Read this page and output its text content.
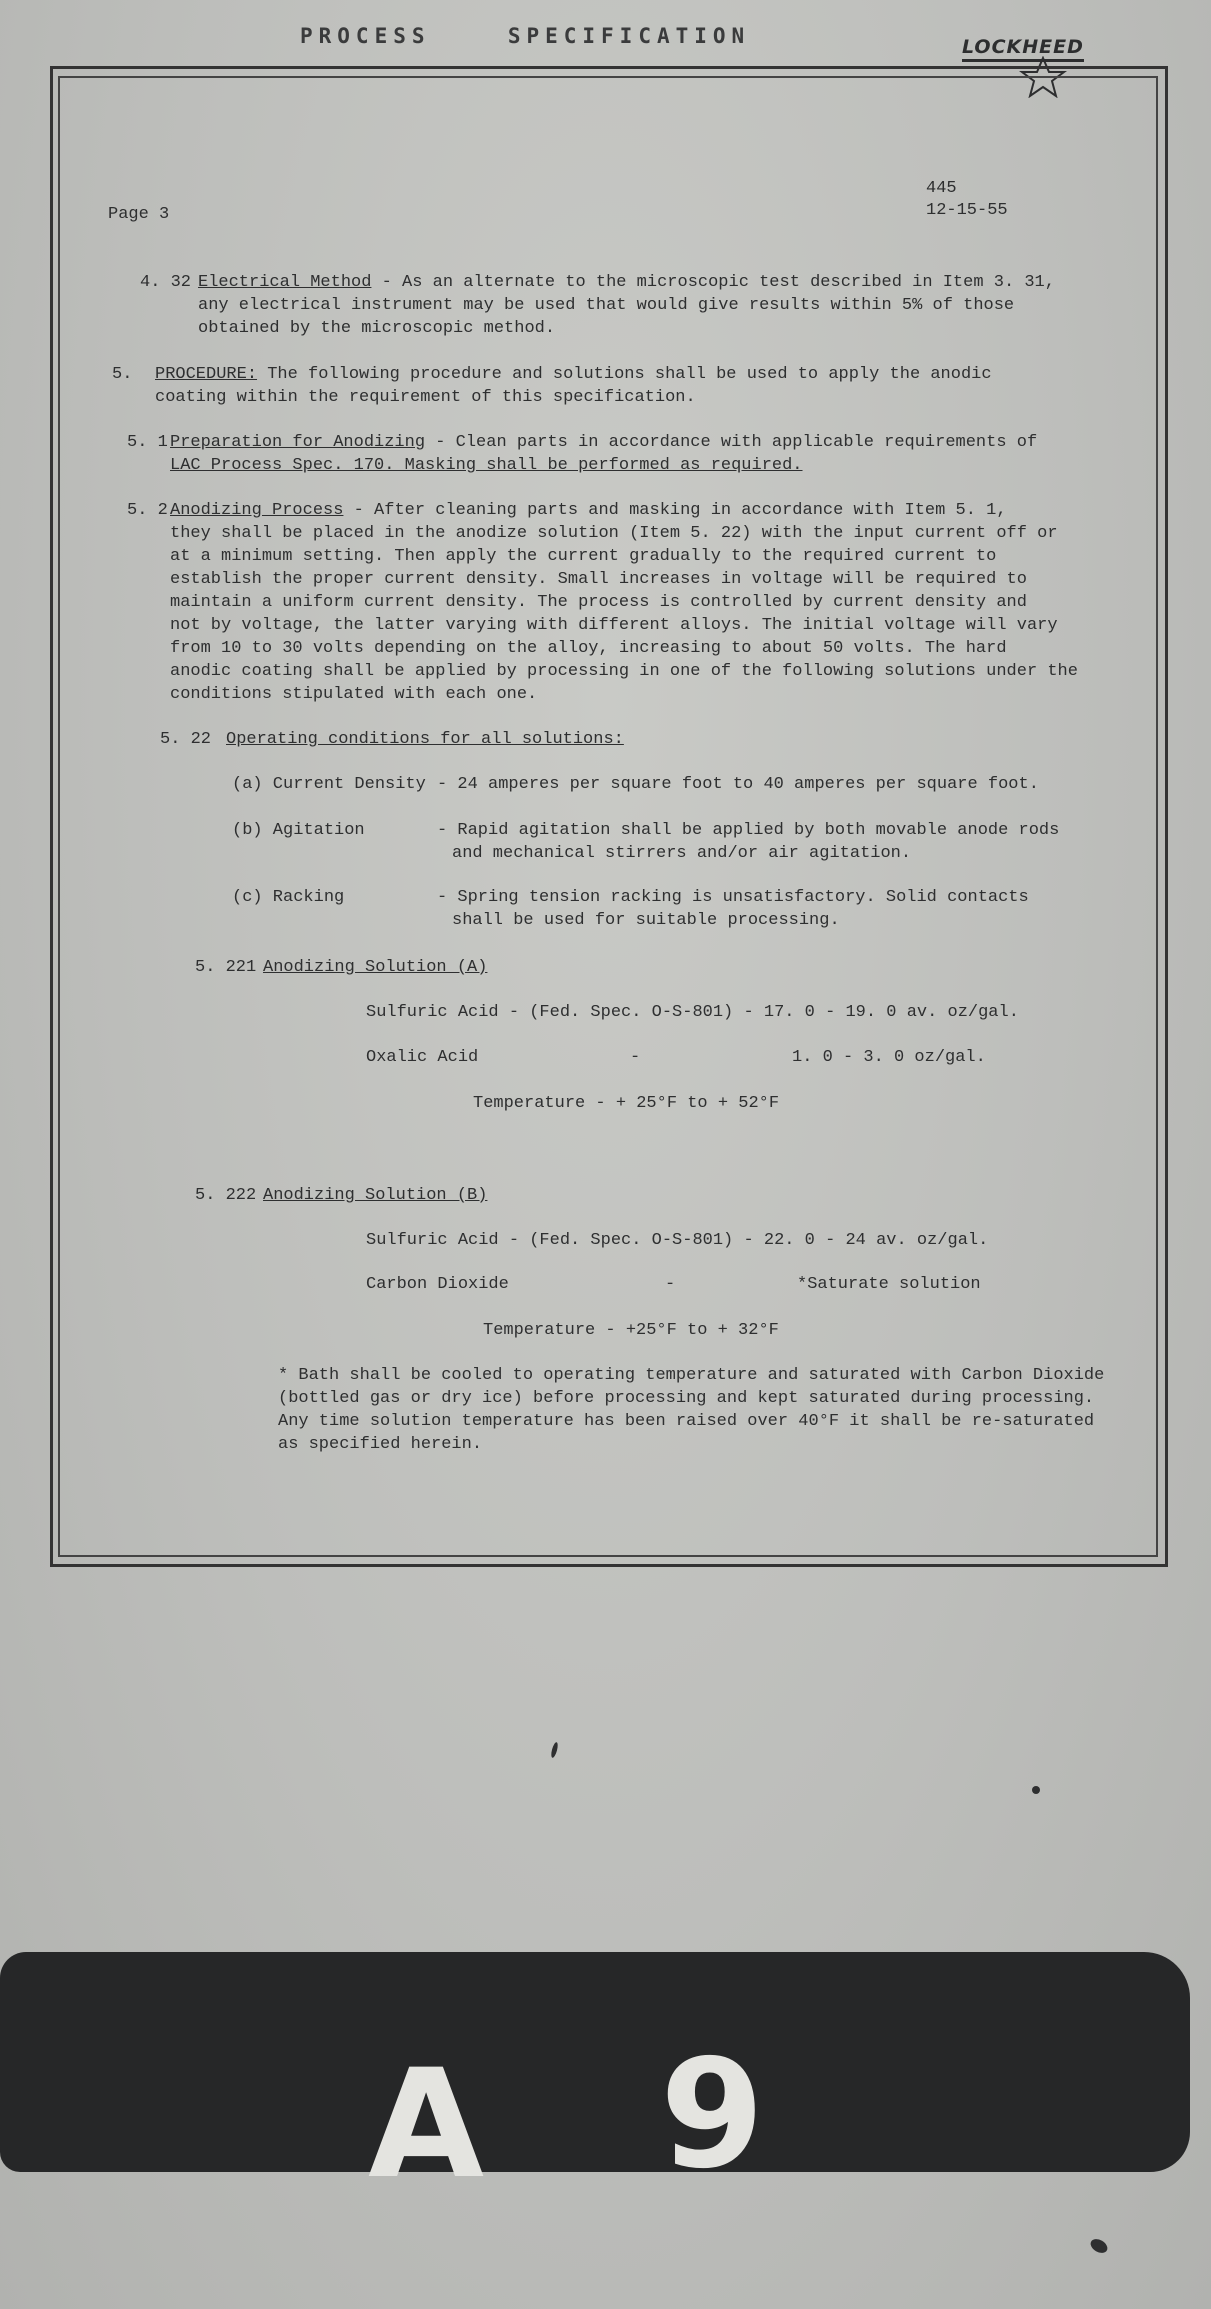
PROCESS	SPECIFICATION	LOCKHEED
Page 3
445
12-15-55
4. 32 Electrical Method - As an alternate to the microscopic test described in Item 3. 31,
any electrical instrument may be used that would give results within 5% of those
obtained by the microscopic method.
5. PROCEDURE: The following procedure and solutions shall be used to apply the anodic
coating within the requirement of this specification.
5. 1 Preparation for Anodizing - Clean parts in accordance with applicable requirements of
LAC Process Spec. 170. Masking shall be performed as required.
5. 2 Anodizing Process - After cleaning parts and masking in accordance with Item 5. 1,
they shall be placed in the anodize solution (Item 5. 22) with the input current off or
at a minimum setting. Then apply the current gradually to the required current to
establish the proper current density. Small increases in voltage will be required to
maintain a uniform current density. The process is controlled by current density and
not by voltage, the latter varying with different alloys. The initial voltage will vary
from 10 to 30 volts depending on the alloy, increasing to about 50 volts. The hard
anodic coating shall be applied by processing in one of the following solutions under the
conditions stipulated with each one.
5. 22 Operating conditions for all solutions:
(a) Current Density - 24 amperes per square foot to 40 amperes per square foot.
(b) Agitation	- Rapid agitation shall be applied by both movable anode rods
and mechanical stirrers and/or air agitation.
(c) Racking	- Spring tension racking is unsatisfactory. Solid contacts
shall be used for suitable processing.
5. 221 Anodizing Solution (A)
Sulfuric Acid - (Fed. Spec. O-S-801) - 17. 0 - 19. 0 av. oz/gal.
Oxalic Acid	-	1. 0 - 3. 0 oz/gal.
Temperature - + 25°F to + 52°F
5. 222 Anodizing Solution (B)
Sulfuric Acid - (Fed. Spec. O-S-801) - 22. 0 - 24 av. oz/gal.
Carbon Dioxide	-	*Saturate solution
Temperature - +25°F to + 32°F
* Bath shall be cooled to operating temperature and saturated with Carbon Dioxide
(bottled gas or dry ice) before processing and kept saturated during processing.
Any time solution temperature has been raised over 40°F it shall be re-saturated
as specified herein.
A 9
